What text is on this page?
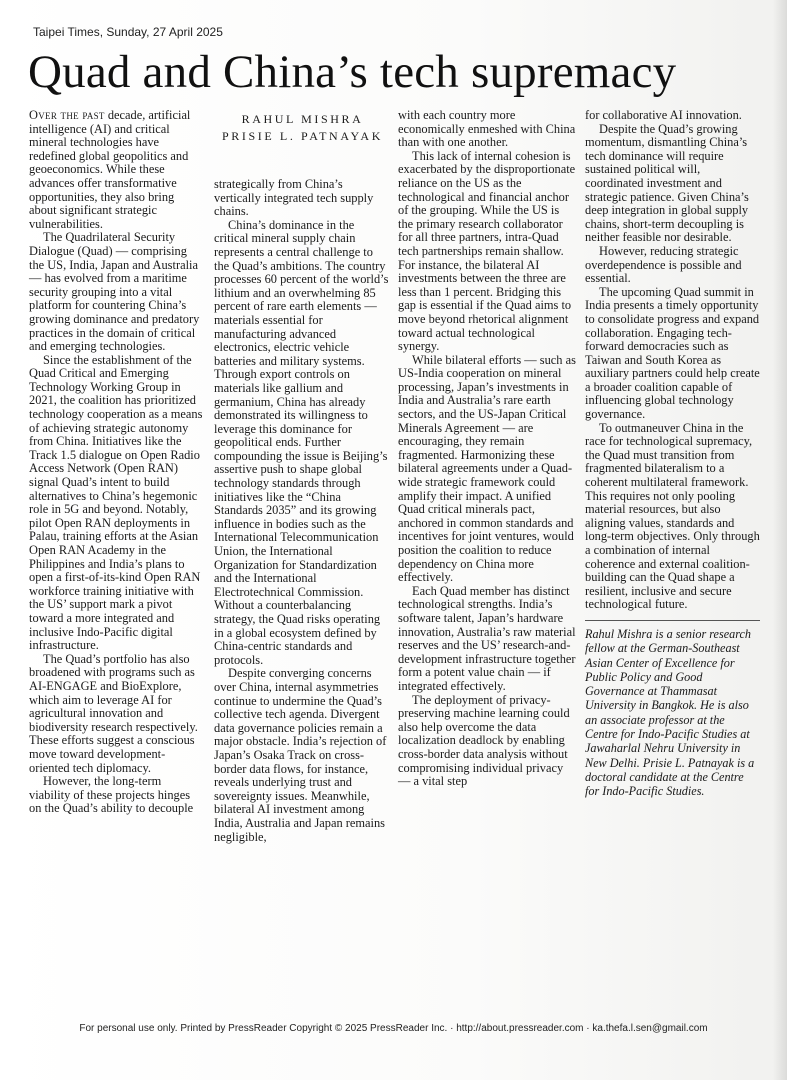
Taipei Times, Sunday, 27 April 2025
Quad and China’s tech supremacy

Over the past decade, artificial intelligence (AI) and critical mineral technologies have redefined global geopolitics and geoeconomics. While these advances offer transformative opportunities, they also bring about significant strategic vulnerabilities.

The Quadrilateral Security Dialogue (Quad) — comprising the US, India, Japan and Australia — has evolved from a maritime security grouping into a vital platform for countering China’s growing dominance and predatory practices in the domain of critical and emerging technologies.

Since the establishment of the Quad Critical and Emerging Technology Working Group in 2021, the coalition has prioritized technology cooperation as a means of achieving strategic autonomy from China. Initiatives like the Track 1.5 dialogue on Open Radio Access Network (Open RAN) signal Quad’s intent to build alternatives to China’s hegemonic role in 5G and beyond. Notably, pilot Open RAN deployments in Palau, training efforts at the Asian Open RAN Academy in the Philippines and India’s plans to open a first-of-its-kind Open RAN workforce training initiative with the US’ support mark a pivot toward a more integrated and inclusive Indo-Pacific digital infrastructure.

The Quad’s portfolio has also broadened with programs such as AI-ENGAGE and BioExplore, which aim to leverage AI for agricultural innovation and biodiversity research respectively. These efforts suggest a conscious move toward development-oriented tech diplomacy.

However, the long-term viability of these projects hinges on the Quad’s ability to decouple

RAHUL MISHRA
PRISIE L. PATNAYAK

strategically from China’s vertically integrated tech supply chains.

China’s dominance in the critical mineral supply chain represents a central challenge to the Quad’s ambitions. The country processes 60 percent of the world’s lithium and an overwhelming 85 percent of rare earth elements — materials essential for manufacturing advanced electronics, electric vehicle batteries and military systems. Through export controls on materials like gallium and germanium, China has already demonstrated its willingness to leverage this dominance for geopolitical ends. Further compounding the issue is Beijing’s assertive push to shape global technology standards through initiatives like the “China Standards 2035” and its growing influence in bodies such as the International Telecommunication Union, the International Organization for Standardization and the International Electrotechnical Commission. Without a counterbalancing strategy, the Quad risks operating in a global ecosystem defined by China-centric standards and protocols.

Despite converging concerns over China, internal asymmetries continue to undermine the Quad’s collective tech agenda. Divergent data governance policies remain a major obstacle. India’s rejection of Japan’s Osaka Track on cross-border data flows, for instance, reveals underlying trust and sovereignty issues. Meanwhile, bilateral AI investment among India, Australia and Japan remains negligible,

with each country more economically enmeshed with China than with one another.

This lack of internal cohesion is exacerbated by the disproportionate reliance on the US as the technological and financial anchor of the grouping. While the US is the primary research collaborator for all three partners, intra-Quad tech partnerships remain shallow. For instance, the bilateral AI investments between the three are less than 1 percent. Bridging this gap is essential if the Quad aims to move beyond rhetorical alignment toward actual technological synergy.

While bilateral efforts — such as US-India cooperation on mineral processing, Japan’s investments in India and Australia’s rare earth sectors, and the US-Japan Critical Minerals Agreement — are encouraging, they remain fragmented. Harmonizing these bilateral agreements under a Quad-wide strategic framework could amplify their impact. A unified Quad critical minerals pact, anchored in common standards and incentives for joint ventures, would position the coalition to reduce dependency on China more effectively.

Each Quad member has distinct technological strengths. India’s software talent, Japan’s hardware innovation, Australia’s raw material reserves and the US’ research-and-development infrastructure together form a potent value chain — if integrated effectively.

The deployment of privacy-preserving machine learning could also help overcome the data localization deadlock by enabling cross-border data analysis without compromising individual privacy — a vital step

for collaborative AI innovation.

Despite the Quad’s growing momentum, dismantling China’s tech dominance will require sustained political will, coordinated investment and strategic patience. Given China’s deep integration in global supply chains, short-term decoupling is neither feasible nor desirable.

However, reducing strategic overdependence is possible and essential.

The upcoming Quad summit in India presents a timely opportunity to consolidate progress and expand collaboration. Engaging tech-forward democracies such as Taiwan and South Korea as auxiliary partners could help create a broader coalition capable of influencing global technology governance.

To outmaneuver China in the race for technological supremacy, the Quad must transition from fragmented bilateralism to a coherent multilateral framework. This requires not only pooling material resources, but also aligning values, standards and long-term objectives. Only through a combination of internal coherence and external coalition-building can the Quad shape a resilient, inclusive and secure technological future.

Rahul Mishra is a senior research fellow at the German-Southeast Asian Center of Excellence for Public Policy and Good Governance at Thammasat University in Bangkok. He is also an associate professor at the Centre for Indo-Pacific Studies at Jawaharlal Nehru University in New Delhi. Prisie L. Patnayak is a doctoral candidate at the Centre for Indo-Pacific Studies.

For personal use only. Printed by PressReader Copyright © 2025 PressReader Inc. · http://about.pressreader.com · ka.thefa.l.sen@gmail.com
